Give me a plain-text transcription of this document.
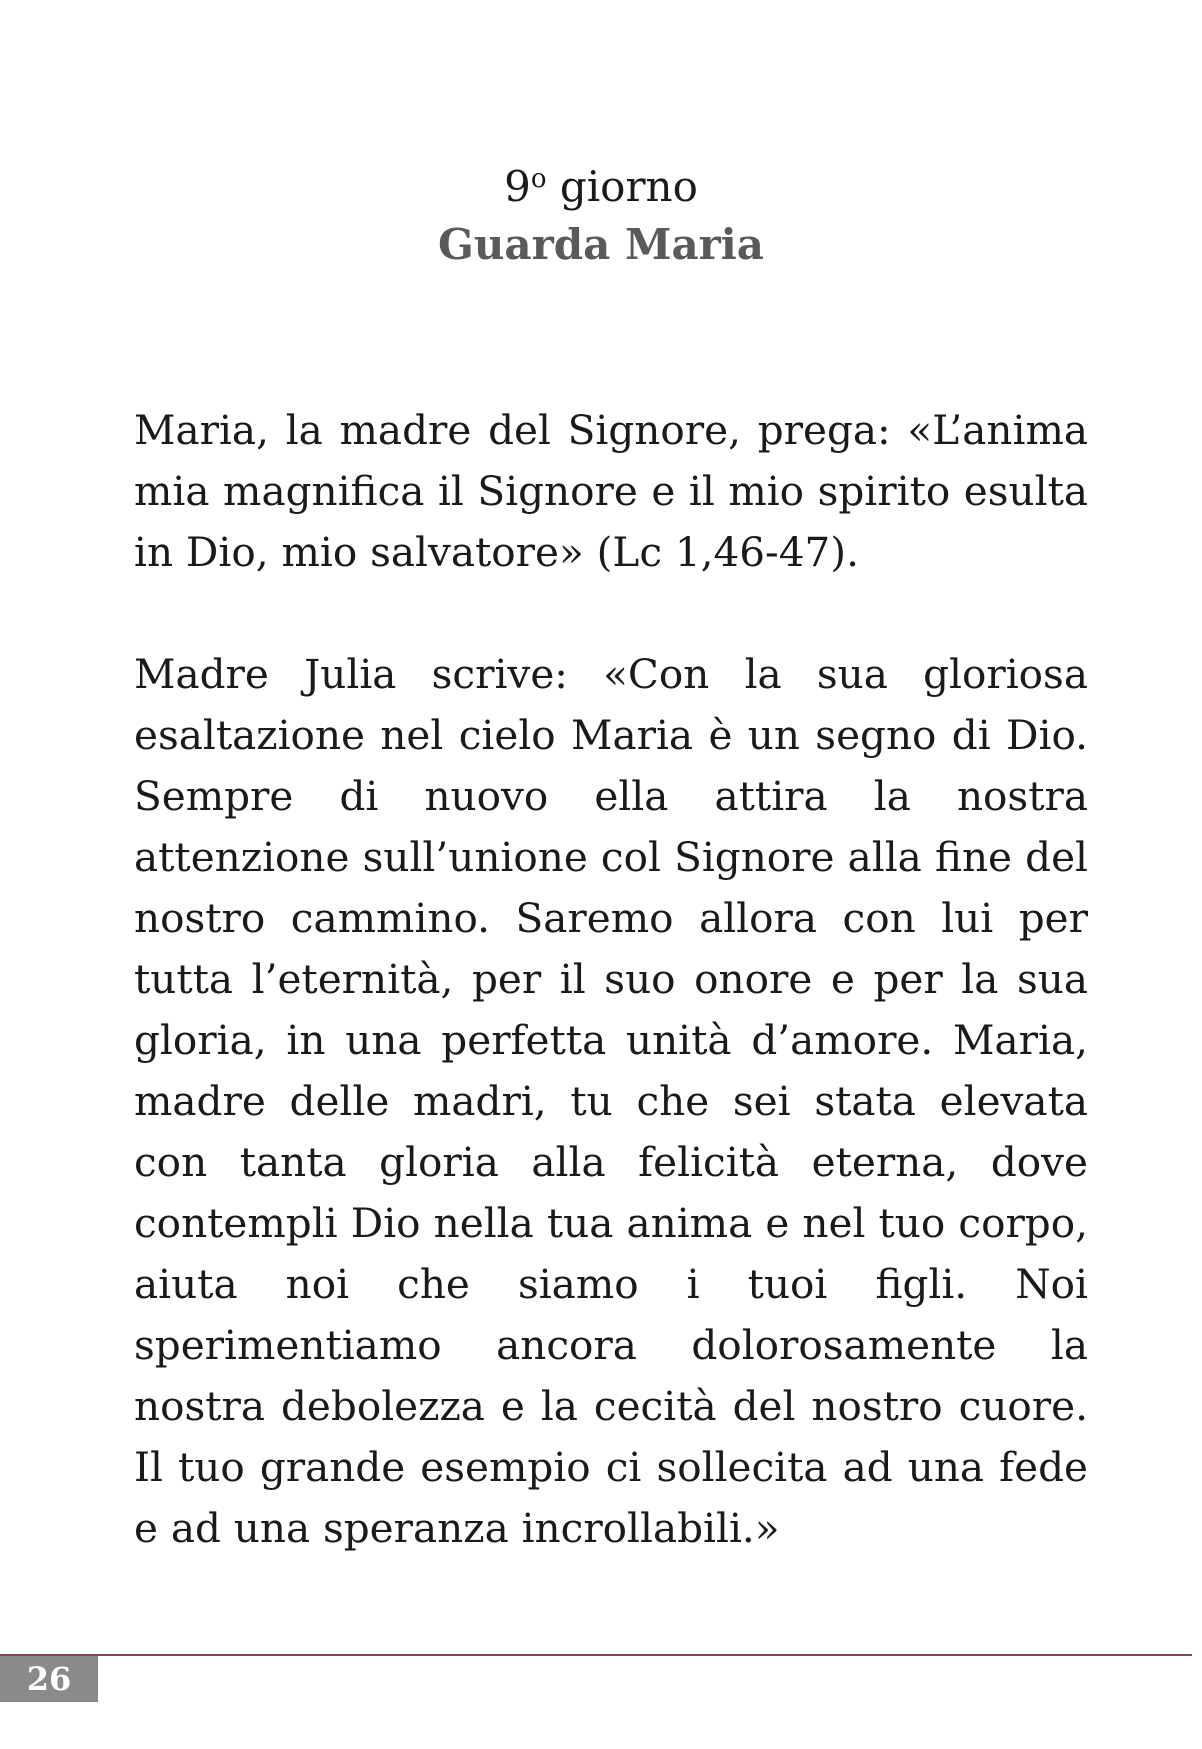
9$^o$ giorno
Guarda Maria

Maria, la madre del Signore, prega: «L’anima mia magnifica il Signore e il mio spirito esulta in Dio, mio salvatore» (Lc 1,46-47).

Madre Julia scrive: «Con la sua gloriosa esaltazione nel cielo Maria è un segno di Dio. Sempre di nuovo ella attira la nostra attenzione sull’unione col Signore alla fine del nostro cammino. Saremo allora con lui per tutta l’eternità, per il suo onore e per la sua gloria, in una perfetta unità d’amore. Maria, madre delle madri, tu che sei stata elevata con tanta gloria alla felicità eterna, dove contempli Dio nella tua anima e nel tuo corpo, aiuta noi che siamo i tuoi figli. Noi sperimentiamo ancora dolorosamente la nostra debolezza e la cecità del nostro cuore. Il tuo grande esempio ci sollecita ad una fede e ad una speranza incrollabili.»

26
